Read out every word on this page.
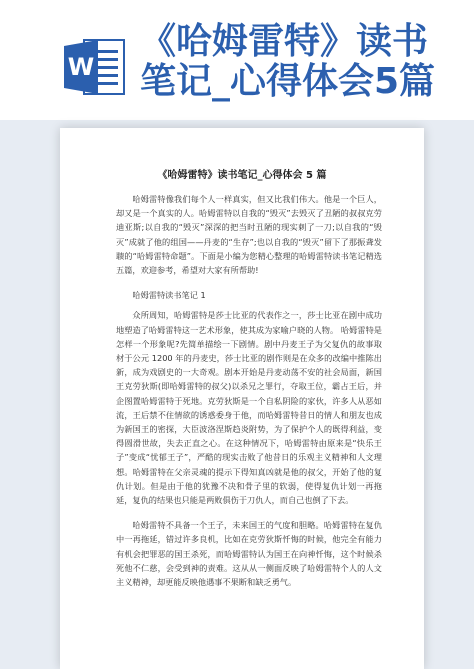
W
《哈姆雷特》读书
笔记_心得体会5篇
《哈姆雷特》读书笔记_心得体会 5 篇

哈姆雷特像我们每个人一样真实，但又比我们伟大。他是一个巨人，却又是一个真实的人。哈姆雷特以自我的“毁灭”去毁灭了丑陋的叔叔克劳迪亚斯;以自我的“毁灭”深深的把当时丑陋的现实刺了一刀;以自我的“毁灭”成就了他的组国——丹麦的“生存”;也以自我的“毁灭”留下了那振聋发聩的“哈姆雷特命题”。下面是小编为您精心整理的哈姆雷特读书笔记精选五篇，欢迎参考，希望对大家有所帮助!

哈姆雷特读书笔记 1

众所周知，哈姆雷特是莎士比亚的代表作之一，莎士比亚在剧中成功地塑造了哈姆雷特这一艺术形象，使其成为家喻户晓的人物。 哈姆雷特是怎样一个形象呢?先简单描绘一下剧情。剧中丹麦王子为父复仇的故事取材于公元 1200 年的丹麦史，莎士比亚的剧作则是在众多的改编中推陈出新，成为戏剧史的一大奇观。剧本开始是丹麦动荡不安的社会局面，新国王克劳狄斯(即哈姆雷特的叔父)以杀兄之罪行，夺取王位，霸占王后，并企图置哈姆雷特于死地。克劳狄斯是一个自私阴险的家伙，许多人从恶如流，王后禁不住情欲的诱惑委身于他，而哈姆雷特昔日的情人和朋友也成为新国王的密探，大臣波洛涅斯趋炎附势，为了保护个人的既得利益，变得圆滑世故，失去正直之心。在这种情况下，哈姆雷特由原来是“快乐王子”变成“忧郁王子”，严酷的现实击败了他昔日的乐观主义精神和人文理想。哈姆雷特在父亲灵魂的提示下得知真凶就是他的叔父，开始了他的复仇计划。但是由于他的犹豫不决和骨子里的软弱，使得复仇计划一再拖延，复仇的结果也只能是两败俱伤于刀仇人，而自己也倒了下去。

哈姆雷特不具备一个王子，未来国王的气度和胆略。哈姆雷特在复仇中一再拖延，错过许多良机，比如在克劳狄斯忏悔的时候，他完全有能力有机会把罪恶的国王杀死，而哈姆雷特认为国王在向神忏悔，这个时候杀死他不仁慈，会受到神的责难。这从从一侧面反映了哈姆雷特个人的人文主义精神，却更能反映他遇事不果断和缺乏勇气。
